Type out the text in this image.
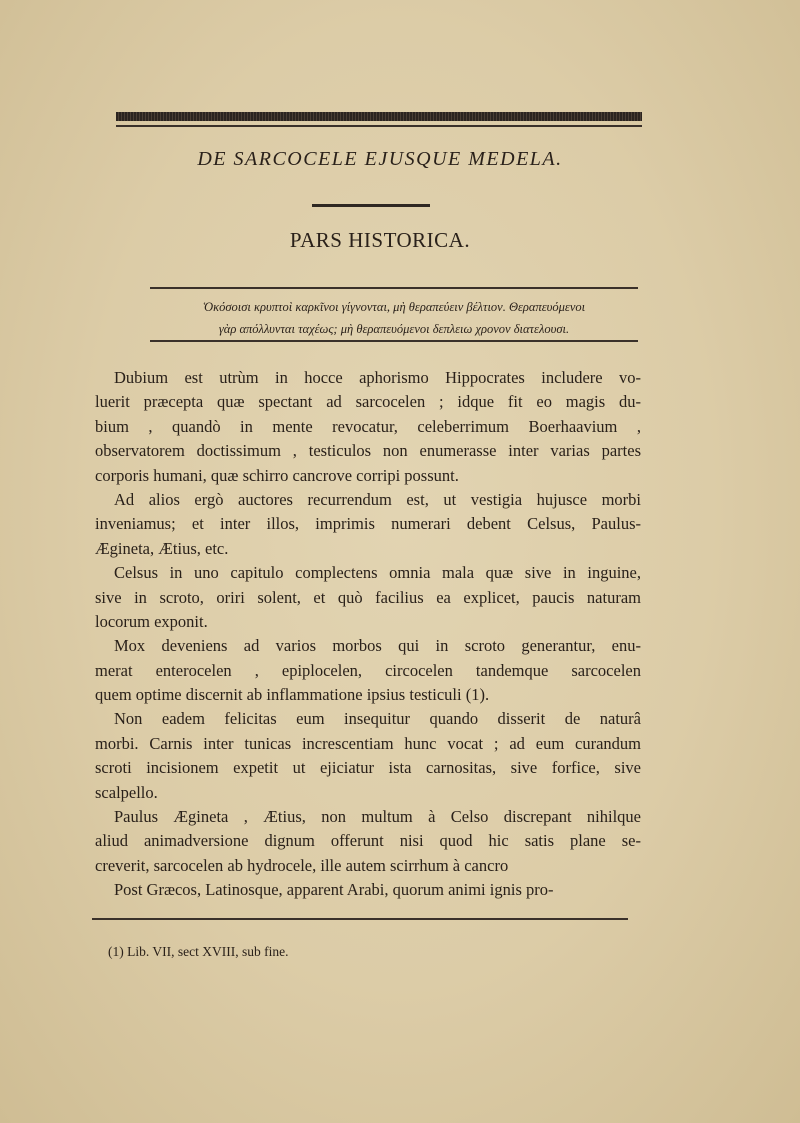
DE SARCOCELE EJUSQUE MEDELA.
PARS HISTORICA.
Ὁκόσοισι κρυπτοὶ καρκῖνοι γίγνονται, μὴ θεραπεύειν βέλτιον. Θεραπευόμενοι
γὰρ απόλλυνται ταχέως; μὴ θεραπευόμενοι δεπλειω χρονον διατελουσι.
Dubium est utrùm in hocce aphorismo Hippocrates includere vo-
luerit præcepta quæ spectant ad sarcocelen ; idque fit eo magis du-
bium , quandò in mente revocatur, celeberrimum Boerhaavium ,
observatorem doctissimum , testiculos non enumerasse inter varias partes
corporis humani, quæ schirro cancrove corripi possunt.
Ad alios ergò auctores recurrendum est, ut vestigia hujusce morbi
inveniamus; et inter illos, imprimis numerari debent Celsus, Paulus-
Ægineta, Ætius, etc.
Celsus in uno capitulo complectens omnia mala quæ sive in inguine,
sive in scroto, oriri solent, et quò facilius ea explicet, paucis naturam
locorum exponit.
Mox deveniens ad varios morbos qui in scroto generantur, enu-
merat enterocelen , epiplocelen, circocelen tandemque sarcocelen
quem optime discernit ab inflammatione ipsius testiculi (1).
Non eadem felicitas eum insequitur quando disserit de naturâ
morbi. Carnis inter tunicas increscentiam hunc vocat ; ad eum curandum
scroti incisionem expetit ut ejiciatur ista carnositas, sive forfice, sive
scalpello.
Paulus Ægineta , Ætius, non multum à Celso discrepant nihilque
aliud animadversione dignum offerunt nisi quod hic satis plane se-
creverit, sarcocelen ab hydrocele, ille autem scirrhum à cancro
Post Græcos, Latinosque, apparent Arabi, quorum animi ignis pro-
(1) Lib. VII, sect XVIII, sub fine.
